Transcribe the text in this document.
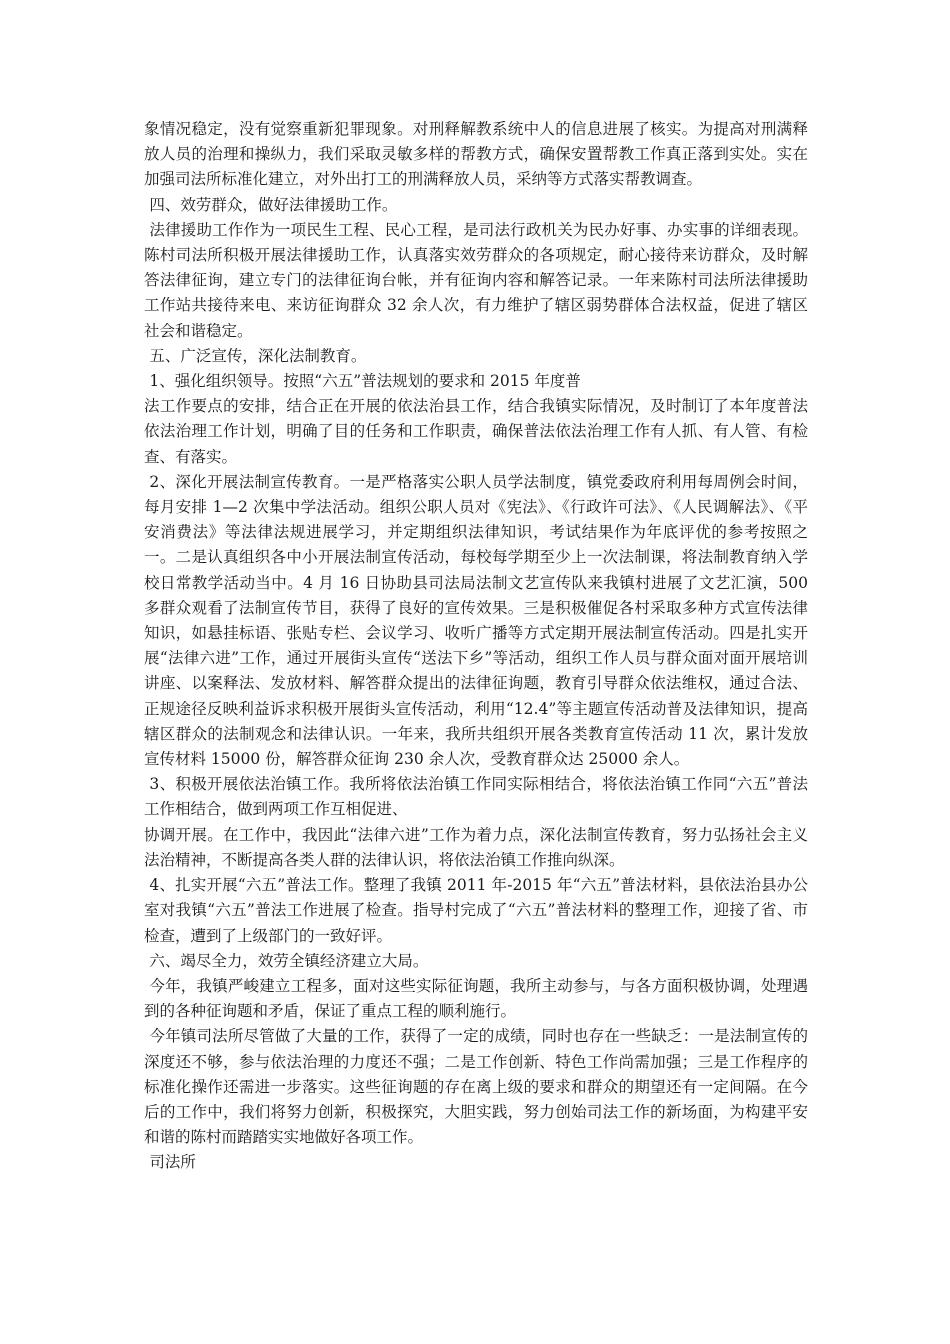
象情况稳定，没有觉察重新犯罪现象。对刑释解教系统中人的信息进展了核实。为提高对刑满释放人员的治理和操纵力，我们采取灵敏多样的帮教方式，确保安置帮教工作真正落到实处。实在加强司法所标准化建立，对外出打工的刑满释放人员，采纳等方式落实帮教调查。

四、效劳群众，做好法律援助工作。

法律援助工作作为一项民生工程、民心工程，是司法行政机关为民办好事、办实事的详细表现。陈村司法所积极开展法律援助工作，认真落实效劳群众的各项规定，耐心接待来访群众，及时解答法律征询，建立专门的法律征询台帐，并有征询内容和解答记录。一年来陈村司法所法律援助工作站共接待来电、来访征询群众 32 余人次，有力维护了辖区弱势群体合法权益，促进了辖区社会和谐稳定。

五、广泛宣传，深化法制教育。

1、强化组织领导。按照“六五”普法规划的要求和 2015 年度普

法工作要点的安排，结合正在开展的依法治县工作，结合我镇实际情况，及时制订了本年度普法依法治理工作计划，明确了目的任务和工作职责，确保普法依法治理工作有人抓、有人管、有检查、有落实。

2、深化开展法制宣传教育。一是严格落实公职人员学法制度，镇党委政府利用每周例会时间，每月安排 1—2 次集中学法活动。组织公职人员对《宪法》、《行政许可法》、《人民调解法》、《平安消费法》等法律法规进展学习，并定期组织法律知识，考试结果作为年底评优的参考按照之一。二是认真组织各中小开展法制宣传活动，每校每学期至少上一次法制课，将法制教育纳入学校日常教学活动当中。4 月 16 日协助县司法局法制文艺宣传队来我镇村进展了文艺汇演，500 多群众观看了法制宣传节目，获得了良好的宣传效果。三是积极催促各村采取多种方式宣传法律知识，如悬挂标语、张贴专栏、会议学习、收听广播等方式定期开展法制宣传活动。四是扎实开展“法律六进”工作，通过开展街头宣传“送法下乡”等活动，组织工作人员与群众面对面开展培训讲座、以案释法、发放材料、解答群众提出的法律征询题，教育引导群众依法维权，通过合法、正规途径反映利益诉求积极开展街头宣传活动，利用“12.4”等主题宣传活动普及法律知识，提高辖区群众的法制观念和法律认识。一年来，我所共组织开展各类教育宣传活动 11 次，累计发放宣传材料 15000 份，解答群众征询 230 余人次，受教育群众达 25000 余人。

3、积极开展依法治镇工作。我所将依法治镇工作同实际相结合，将依法治镇工作同“六五”普法工作相结合，做到两项工作互相促进、

协调开展。在工作中，我因此“法律六进”工作为着力点，深化法制宣传教育，努力弘扬社会主义法治精神，不断提高各类人群的法律认识，将依法治镇工作推向纵深。

4、扎实开展“六五”普法工作。整理了我镇 2011 年-2015 年“六五”普法材料，县依法治县办公室对我镇“六五”普法工作进展了检查。指导村完成了“六五”普法材料的整理工作，迎接了省、市检查，遭到了上级部门的一致好评。

六、竭尽全力，效劳全镇经济建立大局。

今年，我镇严峻建立工程多，面对这些实际征询题，我所主动参与，与各方面积极协调，处理遇到的各种征询题和矛盾，保证了重点工程的顺利施行。

今年镇司法所尽管做了大量的工作，获得了一定的成绩，同时也存在一些缺乏：一是法制宣传的深度还不够，参与依法治理的力度还不强；二是工作创新、特色工作尚需加强；三是工作程序的标准化操作还需进一步落实。这些征询题的存在离上级的要求和群众的期望还有一定间隔。在今后的工作中，我们将努力创新，积极探究，大胆实践，努力创始司法工作的新场面，为构建平安和谐的陈村而踏踏实实地做好各项工作。

司法所
